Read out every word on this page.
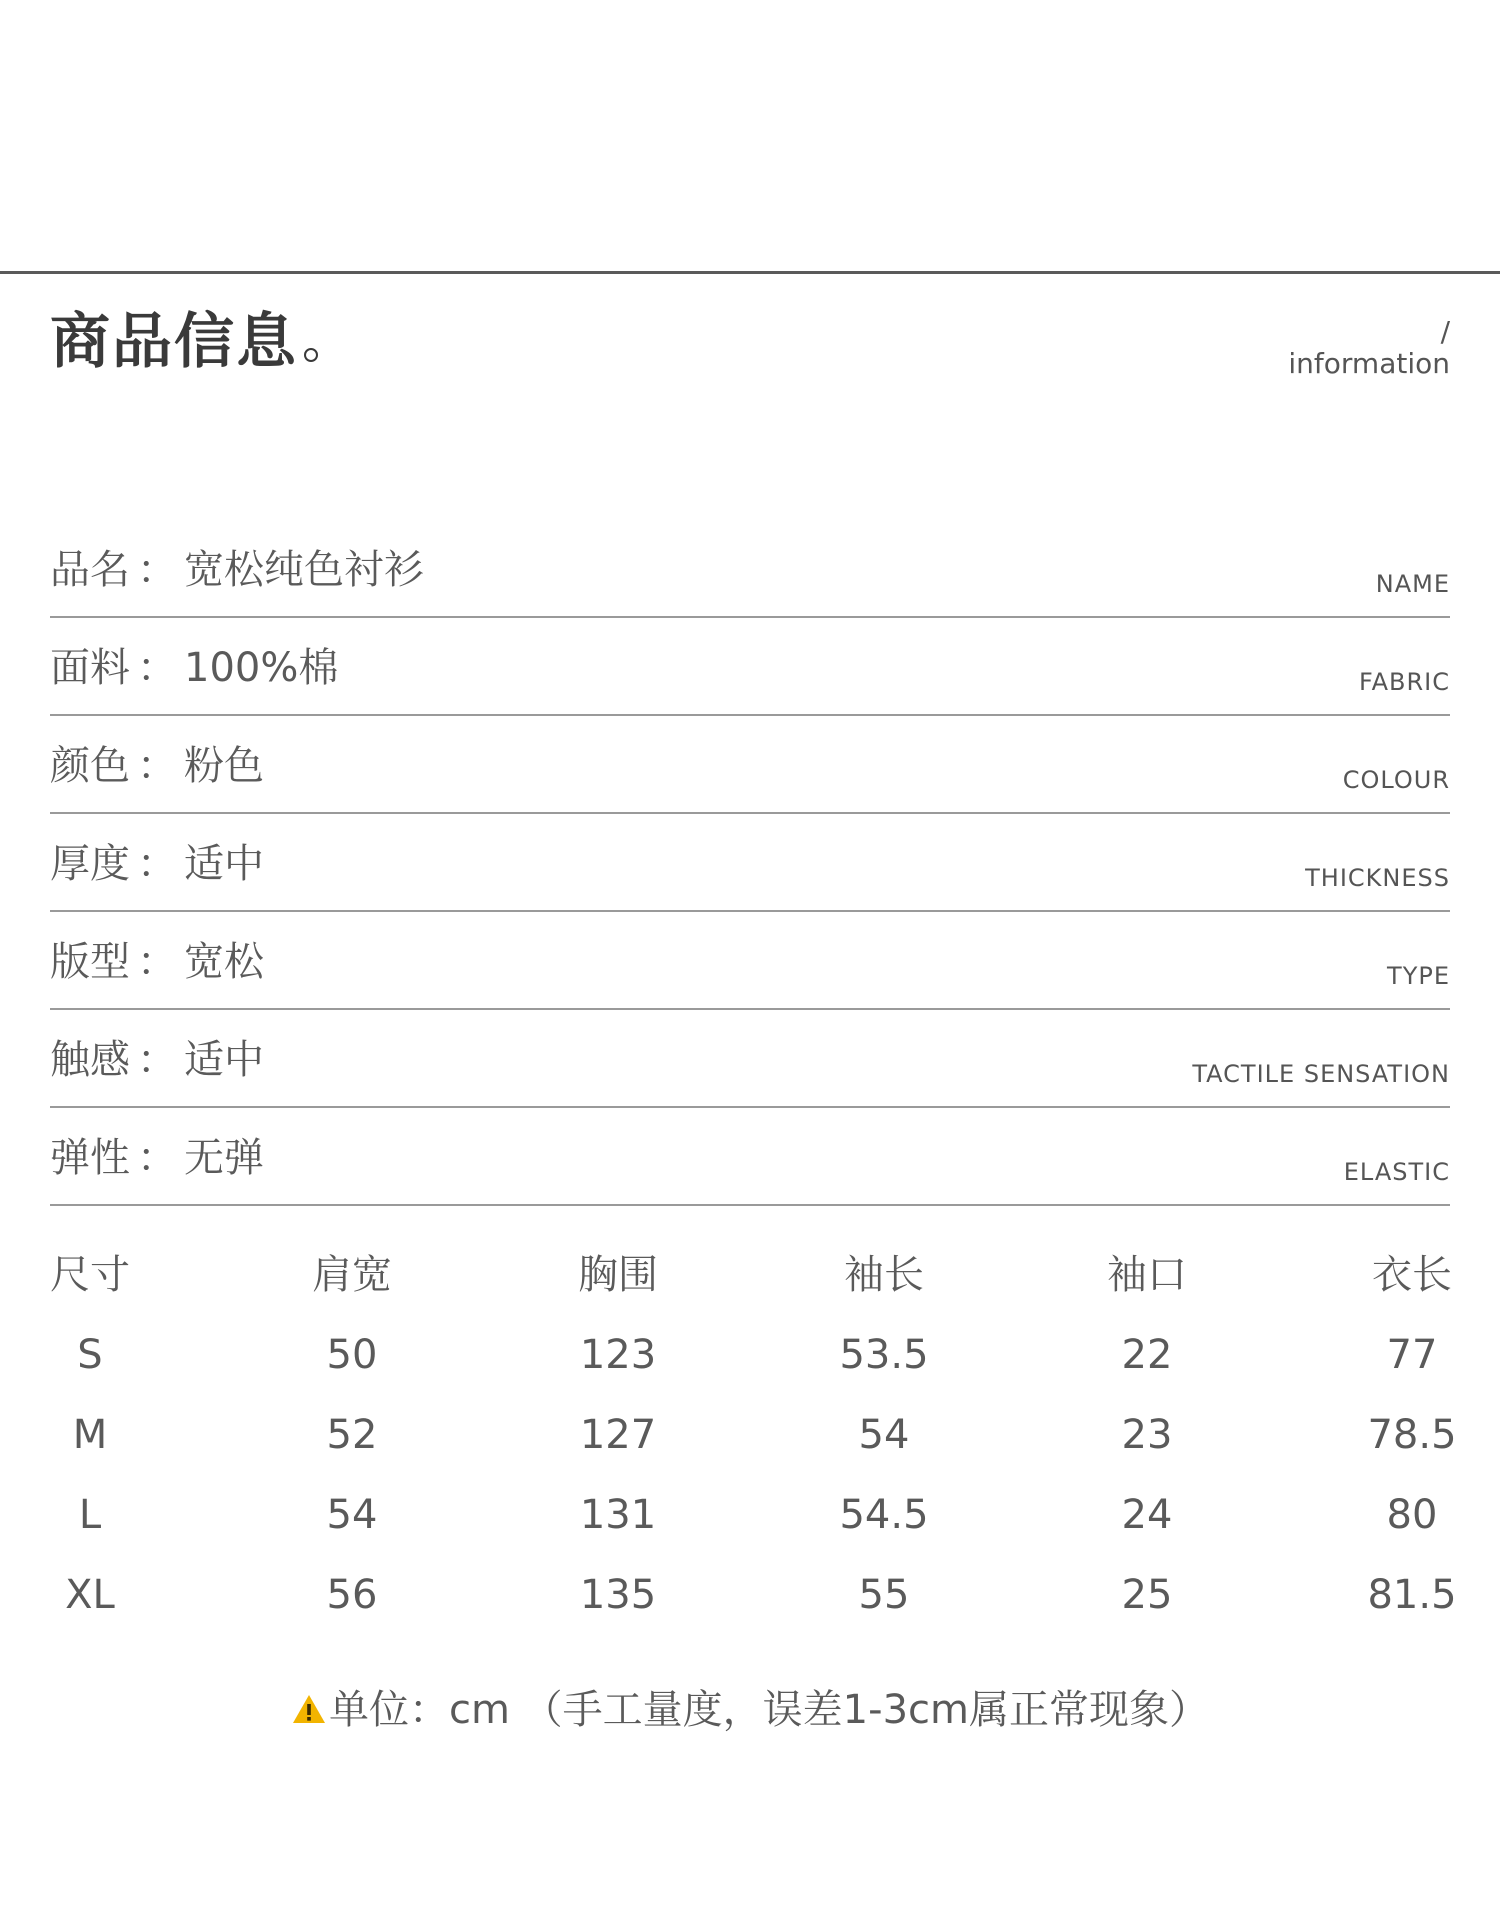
商品信息	/
information
品名 ： 宽松纯色衬衫	NAME
面料 ： 100%棉	FABRIC
颜色 ： 粉色	COLOUR
厚度 ： 适中	THICKNESS
版型 ： 宽松	TYPE
触感 ： 适中	TACTILE SENSATION
弹性 ： 无弹	ELASTIC
尺寸	肩宽	胸围	袖长	袖口	衣长
S	50	123	53.5	22	77
M	52	127	54	23	78.5
L	54	131	54.5	24	80
XL	56	135	55	25	81.5
单位：cm （手工量度，误差1-3cm属正常现象）
